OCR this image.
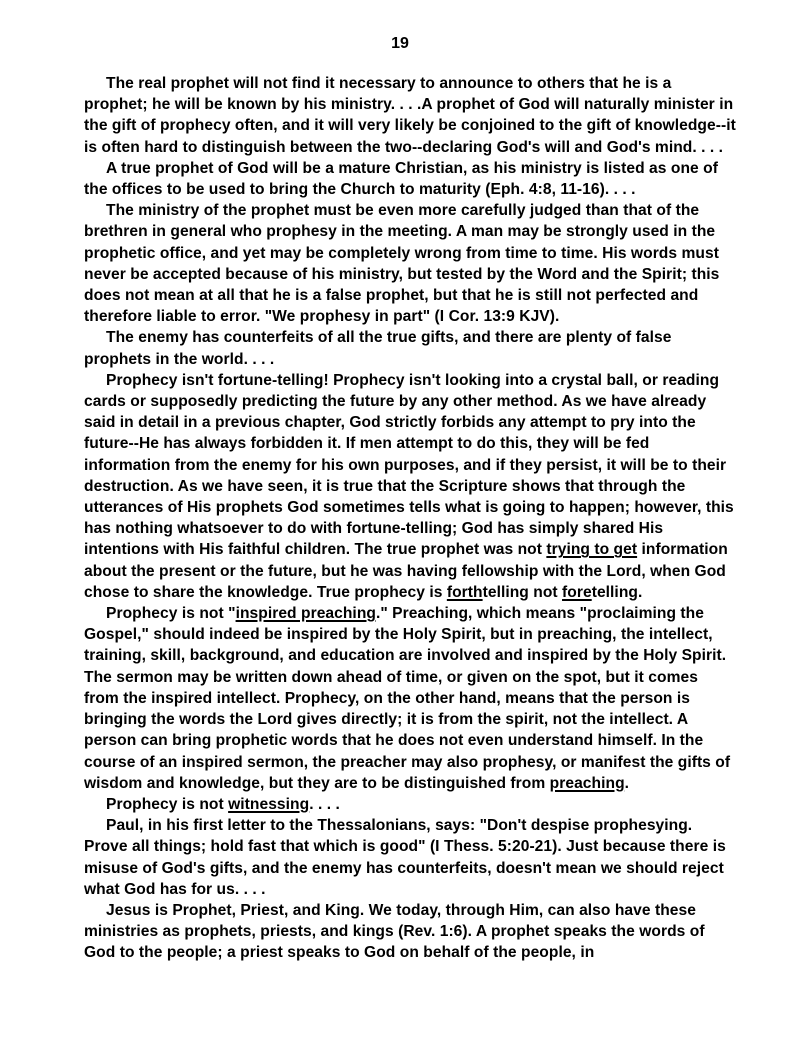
19

The real prophet will not find it necessary to announce to others that he is a prophet; he will be known by his ministry. . . .A prophet of God will naturally minister in the gift of prophecy often, and it will very likely be conjoined to the gift of knowledge--it is often hard to distinguish between the two--declaring God's will and God's mind. . . .

A true prophet of God will be a mature Christian, as his ministry is listed as one of the offices to be used to bring the Church to maturity (Eph. 4:8, 11-16). . . .

The ministry of the prophet must be even more carefully judged than that of the brethren in general who prophesy in the meeting. A man may be strongly used in the prophetic office, and yet may be completely wrong from time to time. His words must never be accepted because of his ministry, but tested by the Word and the Spirit; this does not mean at all that he is a false prophet, but that he is still not perfected and therefore liable to error. "We prophesy in part" (I Cor. 13:9 KJV).

The enemy has counterfeits of all the true gifts, and there are plenty of false prophets in the world. . . .

Prophecy isn't fortune-telling! Prophecy isn't looking into a crystal ball, or reading cards or supposedly predicting the future by any other method. As we have already said in detail in a previous chapter, God strictly forbids any attempt to pry into the future--He has always forbidden it. If men attempt to do this, they will be fed information from the enemy for his own purposes, and if they persist, it will be to their destruction. As we have seen, it is true that the Scripture shows that through the utterances of His prophets God sometimes tells what is going to happen; however, this has nothing whatsoever to do with fortune-telling; God has simply shared His intentions with His faithful children. The true prophet was not trying to get information about the present or the future, but he was having fellowship with the Lord, when God chose to share the knowledge. True prophecy is forthtelling not foretelling.

Prophecy is not "inspired preaching." Preaching, which means "proclaiming the Gospel," should indeed be inspired by the Holy Spirit, but in preaching, the intellect, training, skill, background, and education are involved and inspired by the Holy Spirit. The sermon may be written down ahead of time, or given on the spot, but it comes from the inspired intellect. Prophecy, on the other hand, means that the person is bringing the words the Lord gives directly; it is from the spirit, not the intellect. A person can bring prophetic words that he does not even understand himself. In the course of an inspired sermon, the preacher may also prophesy, or manifest the gifts of wisdom and knowledge, but they are to be distinguished from preaching.

Prophecy is not witnessing. . . .

Paul, in his first letter to the Thessalonians, says: "Don't despise prophesying. Prove all things; hold fast that which is good" (I Thess. 5:20-21). Just because there is misuse of God's gifts, and the enemy has counterfeits, doesn't mean we should reject what God has for us. . . .

Jesus is Prophet, Priest, and King. We today, through Him, can also have these ministries as prophets, priests, and kings (Rev. 1:6). A prophet speaks the words of God to the people; a priest speaks to God on behalf of the people, in
